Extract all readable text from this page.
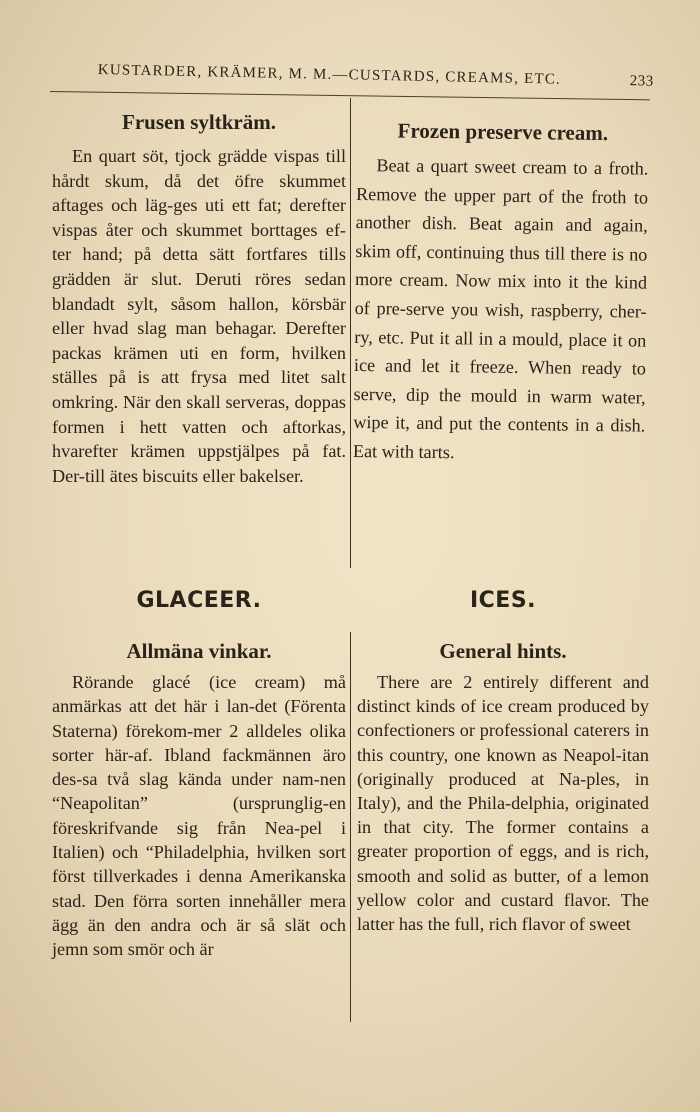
KUSTARDER, KRÄMER, M. M.—CUSTARDS, CREAMS, ETC.	233

Frusen syltkräm.

En quart söt, tjock grädde vispas till hårdt skum, då det öfre skummet aftages och läg-ges uti ett fat; derefter vispas åter och skummet borttages ef-ter hand; på detta sätt fortfares tills grädden är slut. Deruti röres sedan blandadt sylt, såsom hallon, körsbär eller hvad slag man behagar. Derefter packas krämen uti en form, hvilken ställes på is att frysa med litet salt omkring. När den skall serveras, doppas formen i hett vatten och aftorkas, hvarefter krämen uppstjälpes på fat. Der-till ätes biscuits eller bakelser.

Frozen preserve cream.

Beat a quart sweet cream to a froth. Remove the upper part of the froth to another dish. Beat again and again, skim off, continuing thus till there is no more cream. Now mix into it the kind of pre-serve you wish, raspberry, cher-ry, etc. Put it all in a mould, place it on ice and let it freeze. When ready to serve, dip the mould in warm water, wipe it, and put the contents in a dish. Eat with tarts.

GLACEER.	ICES.

Allmäna vinkar.

Rörande glacé (ice cream) må anmärkas att det här i lan-det (Förenta Staterna) förekom-mer 2 alldeles olika sorter här-af. Ibland fackmännen äro des-sa två slag kända under nam-nen “Neapolitan” (ursprunglig-en föreskrifvande sig från Nea-pel i Italien) och “Philadelphia, hvilken sort först tillverkades i denna Amerikanska stad. Den förra sorten innehåller mera ägg än den andra och är så slät och jemn som smör och är

General hints.

There are 2 entirely different and distinct kinds of ice cream produced by confectioners or professional caterers in this country, one known as Neapol-itan (originally produced at Na-ples, in Italy), and the Phila-delphia, originated in that city. The former contains a greater proportion of eggs, and is rich, smooth and solid as butter, of a lemon yellow color and custard flavor. The latter has the full, rich flavor of sweet
